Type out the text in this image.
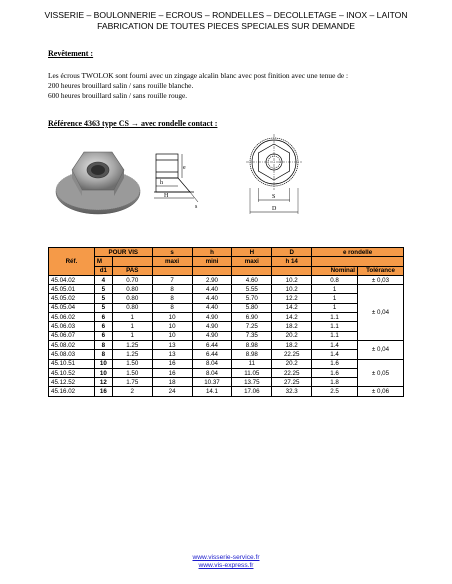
VISSERIE – BOULONNERIE – ECROUS – RONDELLES – DECOLLETAGE – INOX – LAITON
FABRICATION DE TOUTES PIECES SPECIALES SUR DEMANDE
Revêtement :
Les écrous TWOLOK sont fourni avec un zingage alcalin blanc avec post finition avec une tenue de :
200 heures brouillard salin / sans rouille blanche.
600 heures brouillard salin / sans rouille rouge.
Référence 4363 type CS → avec rondelle contact :
e
h
H
s
S
D
Réf.	POUR VIS		s	h	H	D	e rondelle	
	M		maxi	mini	maxi	h 14		
	d1	PAS					Nominal	Tolérance
45.04.02	4	0.70	7	2.90	4.60	10.2	0.8	± 0,03
45.05.01	5	0.80	8	4.40	5.55	10.2	1	± 0,04
45.05.02	5	0.80	8	4.40	5.70	12.2	1	
45.05.04	5	0.80	8	4.40	5.80	14.2	1	
45.06.02	6	1	10	4.90	6.90	14.2	1.1	
45.06.03	6	1	10	4.90	7.25	18.2	1.1	
45.06.07	6	1	10	4.90	7.35	20.2	1.1	
45.08.02	8	1.25	13	6.44	8.98	18.2	1.4	± 0,04
45.08.03	8	1.25	13	6.44	8.98	22.25	1.4	
45.10.51	10	1.50	16	8.04	11	20.2	1.6	± 0,05
45.10.52	10	1.50	16	8.04	11.05	22.25	1.6	
45.12.52	12	1.75	18	10.37	13.75	27.25	1.8	
45.16.02	16	2	24	14.1	17.06	32.3	2.5	± 0,06
www.visserie-service.fr
www.vis-express.fr
